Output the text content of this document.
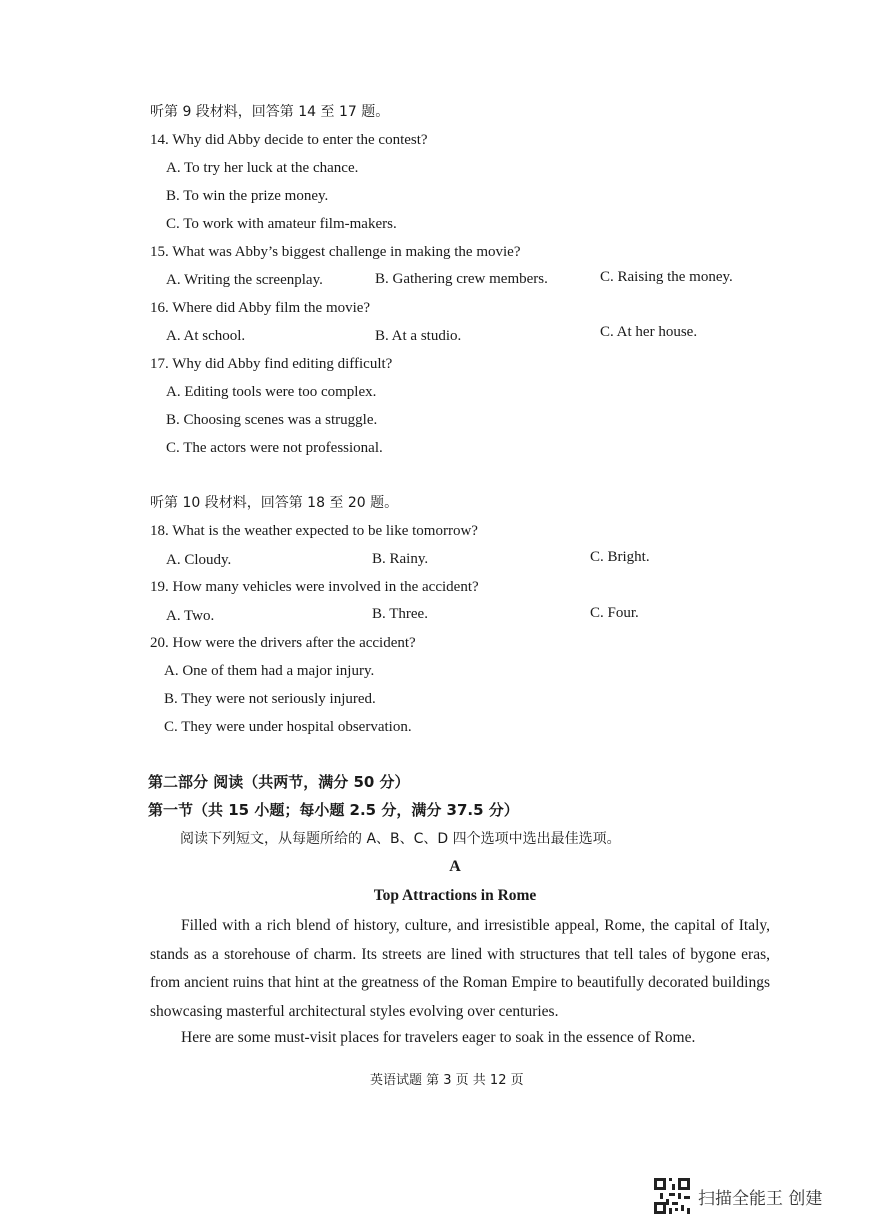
听第 9 段材料，回答第 14 至 17 题。
14. Why did Abby decide to enter the contest?
A. To try her luck at the chance.
B. To win the prize money.
C. To work with amateur film-makers.
15. What was Abby’s biggest challenge in making the movie?
A. Writing the screenplay.	B. Gathering crew members.	C. Raising the money.
16. Where did Abby film the movie?
A. At school.	B. At a studio.	C. At her house.
17. Why did Abby find editing difficult?
A. Editing tools were too complex.
B. Choosing scenes was a struggle.
C. The actors were not professional.
听第 10 段材料，回答第 18 至 20 题。
18. What is the weather expected to be like tomorrow?
A. Cloudy.	B. Rainy.	C. Bright.
19. How many vehicles were involved in the accident?
A. Two.	B. Three.	C. Four.
20. How were the drivers after the accident?
A. One of them had a major injury.
B. They were not seriously injured.
C. They were under hospital observation.
第二部分 阅读（共两节，满分 50 分）
第一节（共 15 小题；每小题 2.5 分，满分 37.5 分）
阅读下列短文，从每题所给的 A、B、C、D 四个选项中选出最佳选项。
A
Top Attractions in Rome
Filled with a rich blend of history, culture, and irresistible appeal, Rome, the capital of Italy, stands as a storehouse of charm. Its streets are lined with structures that tell tales of bygone eras, from ancient ruins that hint at the greatness of the Roman Empire to beautifully decorated buildings showcasing masterful architectural styles evolving over centuries.
Here are some must-visit places for travelers eager to soak in the essence of Rome.
英语试题 第 3 页 共 12 页
扫描全能王 创建
